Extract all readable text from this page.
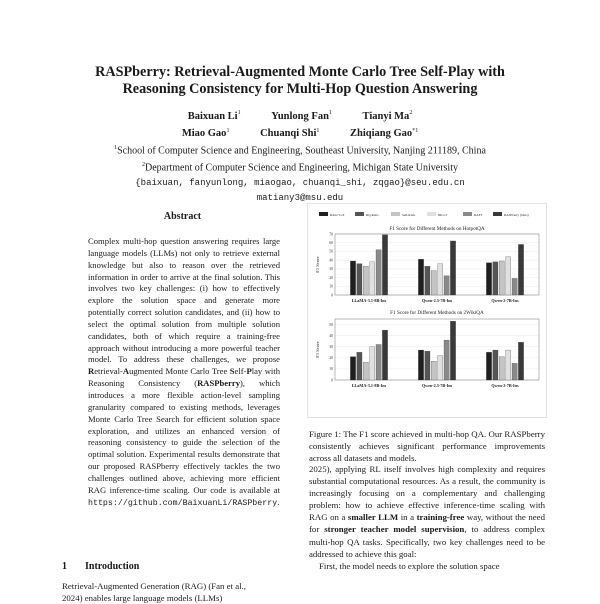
RASPberry: Retrieval-Augmented Monte Carlo Tree Self-Play with
Reasoning Consistency for Multi-Hop Question Answering
Baixuan Li$^1$	Yunlong Fan$^1$	Tianyi Ma$^2$
Miao Gao$^1$	Chuanqi Shi$^1$	Zhiqiang Gao$^{*1}$
$^1$School of Computer Science and Engineering, Southeast University, Nanjing 211189, China
$^2$Department of Computer Science and Engineering, Michigan State University
{baixuan, fanyunlong, miaogao, chuanqi_shi, zqgao}@seu.edu.cn
matiany3@msu.edu
Abstract
Complex multi-hop question answering requires large language models (LLMs) not only to retrieve external knowledge but also to reason over the retrieved information in order to arrive at the final solution. This involves two key challenges: (i) how to effectively explore the solution space and generate more potentially correct solution candidates, and (ii) how to select the optimal solution from multiple solution candidates, both of which require a training-free approach without introducing a more powerful teacher model. To address these challenges, we propose Retrieval-Augmented Monte Carlo Tree Self-Play with Reasoning Consistency (RASPberry), which introduces a more flexible action-level sampling granularity compared to existing methods, leverages Monte Carlo Tree Search for efficient solution space exploration, and utilizes an enhanced version of reasoning consistency to guide the selection of the optimal solution. Experimental results demonstrate that our proposed RASPberry effectively tackles the two challenges outlined above, achieving more efficient RAG inference-time scaling. Our code is available at https://github.com/BaixuanLi/RASPberry.
1 Introduction
Retrieval-Augmented Generation (RAG) (Fan et al.,
2024) enables large language models (LLMs)
RAG+CoT	RQ-RAG	Self-RAG	IRCoT	RAFT	RASPberry (Ours)
F1 Score for Different Methods on HotpotQA
0
10
20
30
40
50
60
70
F1 Score
LLaMA-3.1-8B-Ins	Qwen-2.5-7B-Ins	Qwen-2-7B-Ins
F1 Score for Different Methods on 2WikiQA
0
10
20
30
40
50
F1 Score
LLaMA-3.1-8B-Ins	Qwen-2.5-7B-Ins	Qwen-2-7B-Ins
Figure 1: The F1 score achieved in multi-hop QA. Our RASPberry consistently achieves significant performance improvements across all datasets and models.
2025), applying RL itself involves high complexity and requires substantial computational resources. As a result, the community is increasingly focusing on a complementary and challenging problem: how to achieve effective inference-time scaling with RAG on a smaller LLM in a training-free way, without the need for stronger teacher model supervision, to address complex multi-hop QA tasks. Specifically, two key challenges need to be addressed to achieve this goal:
First, the model needs to explore the solution space
